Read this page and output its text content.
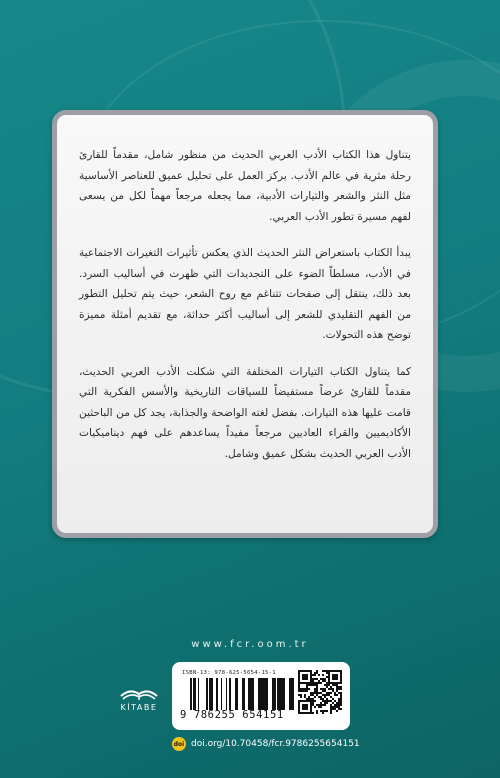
يتناول هذا الكتاب الأدب العربي الحديث من منظور شامل، مقدماً للقارئ رحلة مثرية في عالم الأدب. يركز العمل على تحليل عميق للعناصر الأساسية مثل النثر والشعر والتيارات الأدبية، مما يجعله مرجعاً مهماً لكل من يسعى لفهم مسيرة تطور الأدب العربي.

يبدأ الكتاب باستعراض النثر الحديث الذي يعكس تأثيرات التغيرات الاجتماعية في الأدب، مسلطاً الضوء على التجديدات التي ظهرت في أساليب السرد. بعد ذلك، ينتقل إلى صفحات تتناغم مع روح الشعر، حيث يتم تحليل التطور من الفهم التقليدي للشعر إلى أساليب أكثر حداثة، مع تقديم أمثلة مميزة توضح هذه التحولات.

كما يتناول الكتاب التيارات المختلفة التي شكلت الأدب العربي الحديث، مقدماً للقارئ عرضاً مستفيضاً للسياقات التاريخية والأسس الفكرية التي قامت عليها هذه التيارات. بفضل لغته الواضحة والجذابة، يجد كل من الباحثين الأكاديميين والقراء العاديين مرجعاً مفيداً يساعدهم على فهم ديناميكيات الأدب العربي الحديث بشكل عميق وشامل.

www.fcr.oom.tr
KİTABE
ISBN-13: 978-625-5654-15-1
9 786255 654151
doi doi.org/10.70458/fcr.9786255654151
